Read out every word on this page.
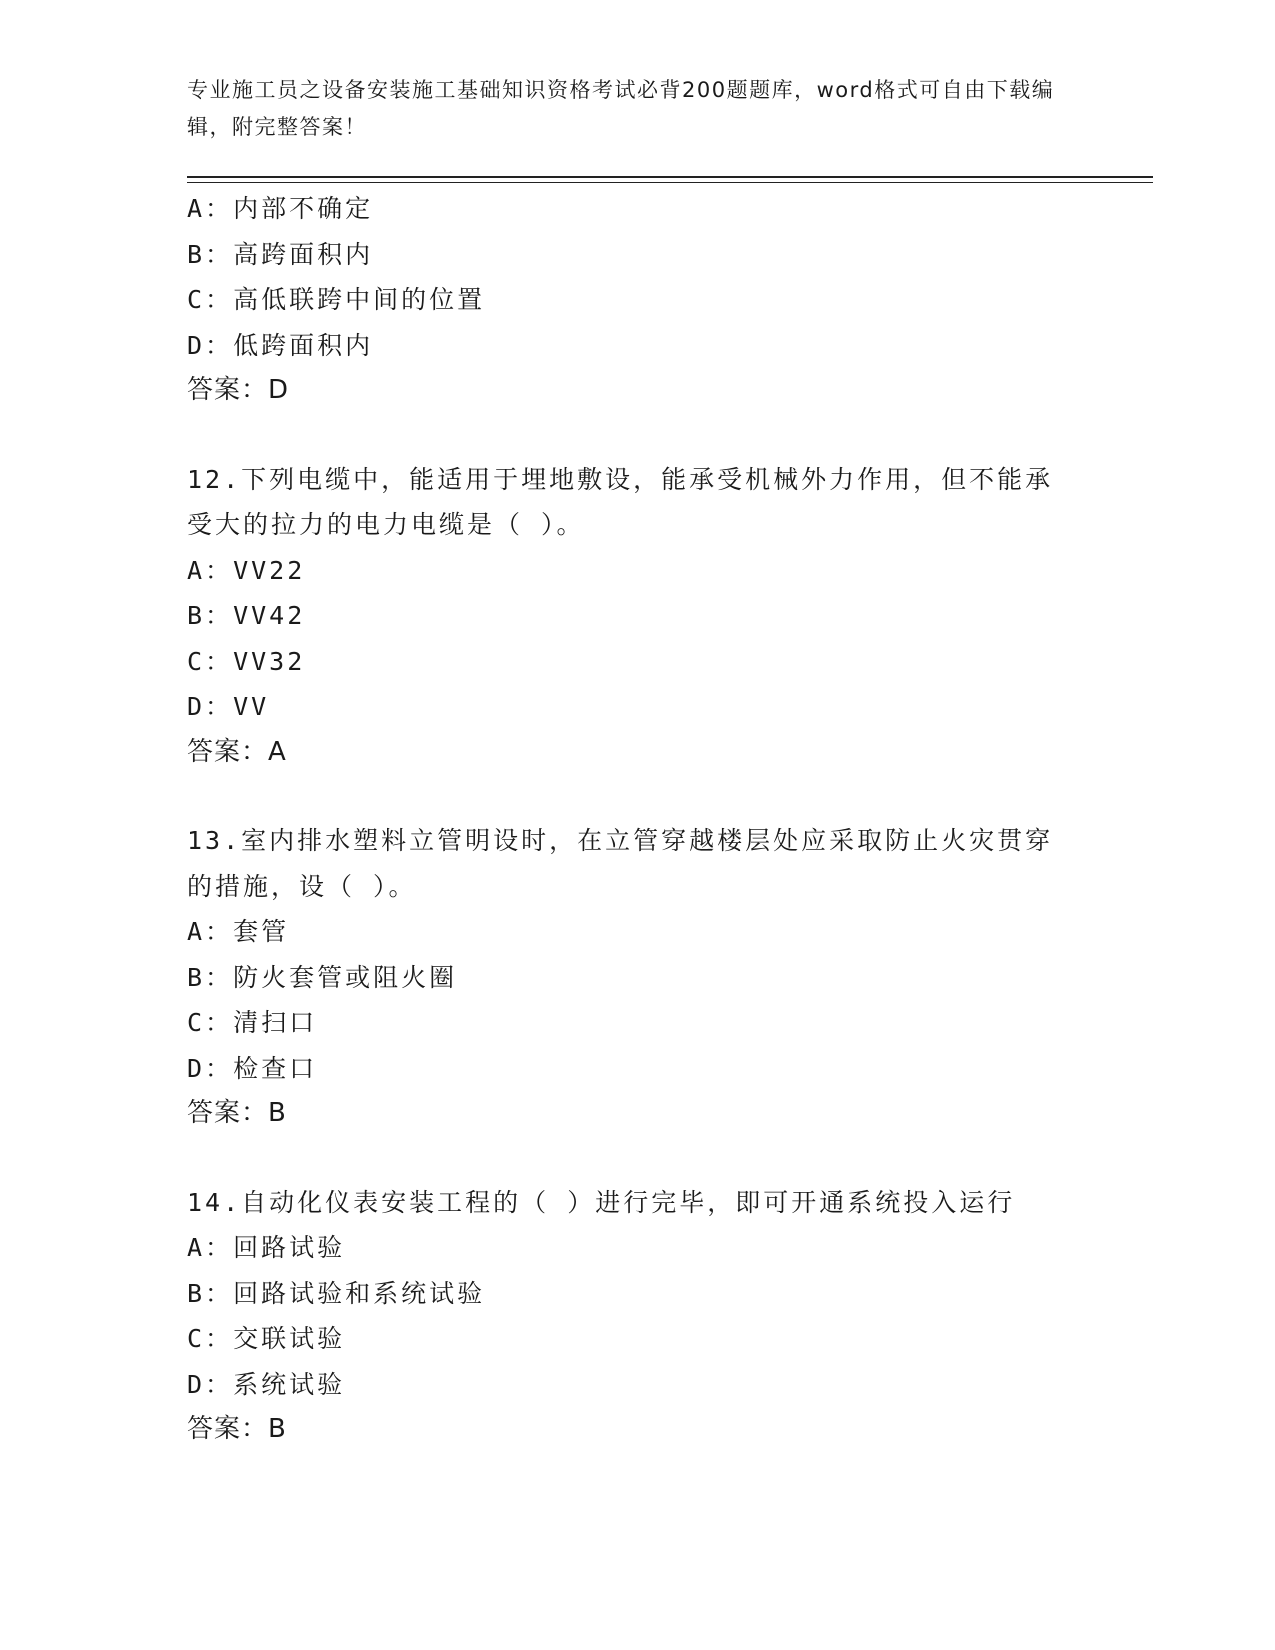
专业施工员之设备安装施工基础知识资格考试必背200题题库，word格式可自由下载编辑，附完整答案！
A：内部不确定
B：高跨面积内
C：高低联跨中间的位置
D：低跨面积内
答案：D
12.下列电缆中，能适用于埋地敷设，能承受机械外力作用，但不能承受大的拉力的电力电缆是（ ）。
A：VV22
B：VV42
C：VV32
D：VV
答案：A
13.室内排水塑料立管明设时，在立管穿越楼层处应采取防止火灾贯穿的措施，设（ ）。
A：套管
B：防火套管或阻火圈
C：清扫口
D：检查口
答案：B
14.自动化仪表安装工程的（ ）进行完毕，即可开通系统投入运行
A：回路试验
B：回路试验和系统试验
C：交联试验
D：系统试验
答案：B
